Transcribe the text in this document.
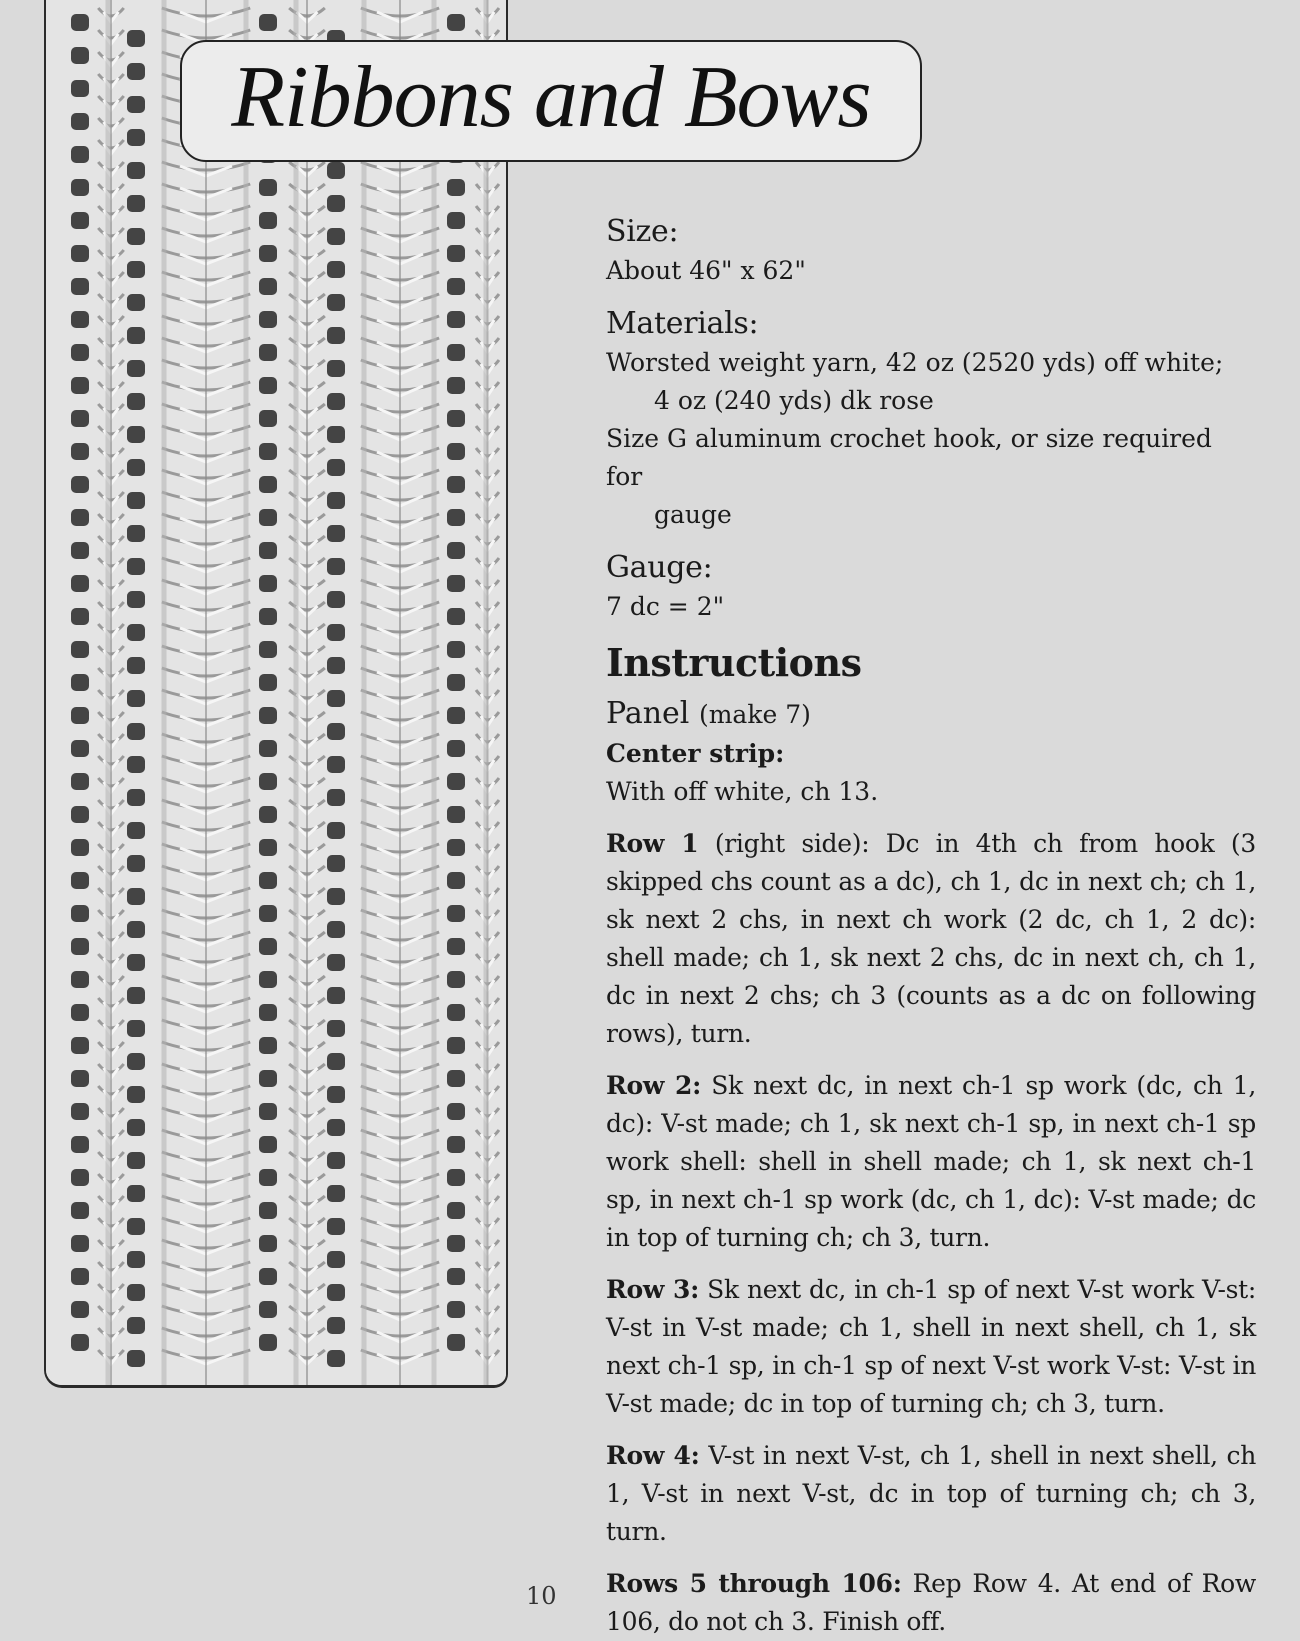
Ribbons and Bows
Size:

About 46" x 62"

Materials:

Worsted weight yarn, 42 oz (2520 yds) off white;

4 oz (240 yds) dk rose

Size G aluminum crochet hook, or size required for

gauge

Gauge:

7 dc = 2"

Instructions

Panel (make 7)

Center strip:

With off white, ch 13.

Row 1 (right side): Dc in 4th ch from hook (3 skipped chs count as a dc), ch 1, dc in next ch; ch 1, sk next 2 chs, in next ch work (2 dc, ch 1, 2 dc): shell made; ch 1, sk next 2 chs, dc in next ch, ch 1, dc in next 2 chs; ch 3 (counts as a dc on following rows), turn.

Row 2: Sk next dc, in next ch-1 sp work (dc, ch 1, dc): V-st made; ch 1, sk next ch-1 sp, in next ch-1 sp work shell: shell in shell made; ch 1, sk next ch-1 sp, in next ch-1 sp work (dc, ch 1, dc): V-st made; dc in top of turning ch; ch 3, turn.

Row 3: Sk next dc, in ch-1 sp of next V-st work V-st: V-st in V-st made; ch 1, shell in next shell, ch 1, sk next ch-1 sp, in ch-1 sp of next V-st work V-st: V-st in V-st made; dc in top of turning ch; ch 3, turn.

Row 4: V-st in next V-st, ch 1, shell in next shell, ch 1, V-st in next V-st, dc in top of turning ch; ch 3, turn.

Rows 5 through 106: Rep Row 4. At end of Row 106, do not ch 3. Finish off.

10
